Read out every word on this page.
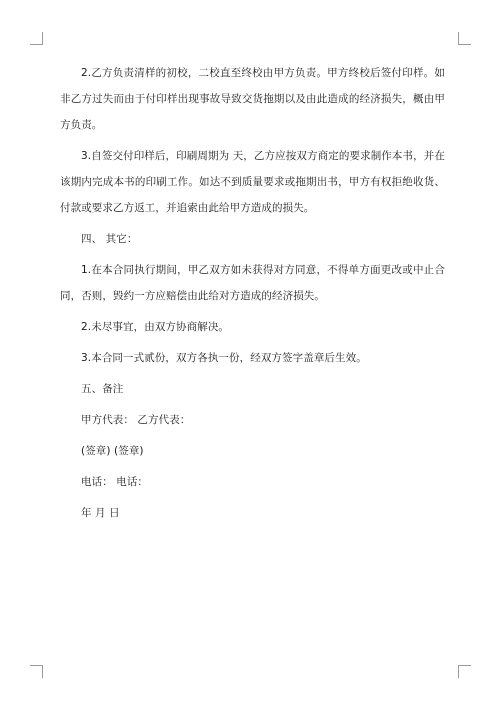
2.乙方负责清样的初校，二校直至终校由甲方负责。甲方终校后签付印样。如非乙方过失而由于付印样出现事故导致交货拖期以及由此造成的经济损失，概由甲方负责。

3.自签交付印样后，印刷周期为 天，乙方应按双方商定的要求制作本书，并在该期内完成本书的印刷工作。如达不到质量要求或拖期出书，甲方有权拒绝收货、付款或要求乙方返工，并追索由此给甲方造成的损失。

四、 其它：

1.在本合同执行期间，甲乙双方如未获得对方同意，不得单方面更改或中止合同，否则，毁约一方应赔偿由此给对方造成的经济损失。

2.未尽事宜，由双方协商解决。

3.本合同一式贰份，双方各执一份，经双方签字盖章后生效。

五、备注

甲方代表： 乙方代表：

(签章) (签章)

电话： 电话：

年 月 日
